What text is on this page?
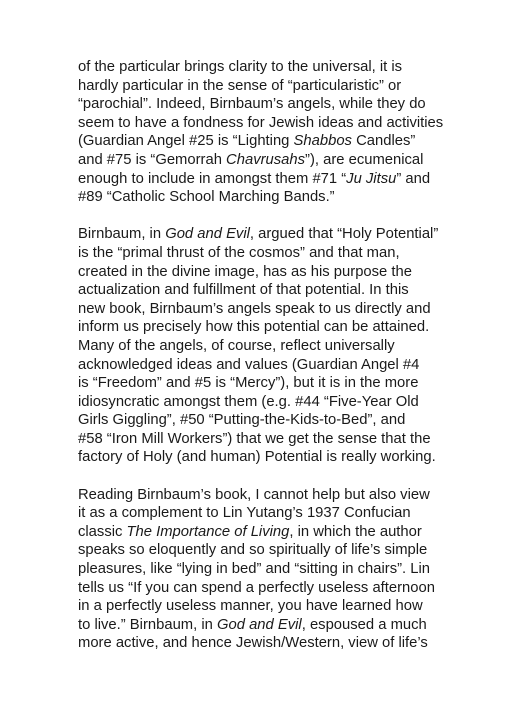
of the particular brings clarity to the universal, it is
hardly particular in the sense of “particularistic” or
“parochial”. Indeed, Birnbaum’s angels, while they do
seem to have a fondness for Jewish ideas and activities
(Guardian Angel #25 is “Lighting Shabbos Candles”
and #75 is “Gemorrah Chavrusahs”), are ecumenical
enough to include in amongst them #71 “Ju Jitsu” and
#89 “Catholic School Marching Bands.”
Birnbaum, in God and Evil, argued that “Holy Potential”
is the “primal thrust of the cosmos” and that man,
created in the divine image, has as his purpose the
actualization and fulfillment of that potential. In this
new book, Birnbaum’s angels speak to us directly and
inform us precisely how this potential can be attained.
Many of the angels, of course, reflect universally
acknowledged ideas and values (Guardian Angel #4
is “Freedom” and #5 is “Mercy”), but it is in the more
idiosyncratic amongst them (e.g. #44 “Five-Year Old
Girls Giggling”, #50 “Putting-the-Kids-to-Bed”, and
#58 “Iron Mill Workers”) that we get the sense that the
factory of Holy (and human) Potential is really working.
Reading Birnbaum’s book, I cannot help but also view
it as a complement to Lin Yutang’s 1937 Confucian
classic The Importance of Living, in which the author
speaks so eloquently and so spiritually of life’s simple
pleasures, like “lying in bed” and “sitting in chairs”. Lin
tells us “If you can spend a perfectly useless afternoon
in a perfectly useless manner, you have learned how
to live.” Birnbaum, in God and Evil, espoused a much
more active, and hence Jewish/Western, view of life’s
